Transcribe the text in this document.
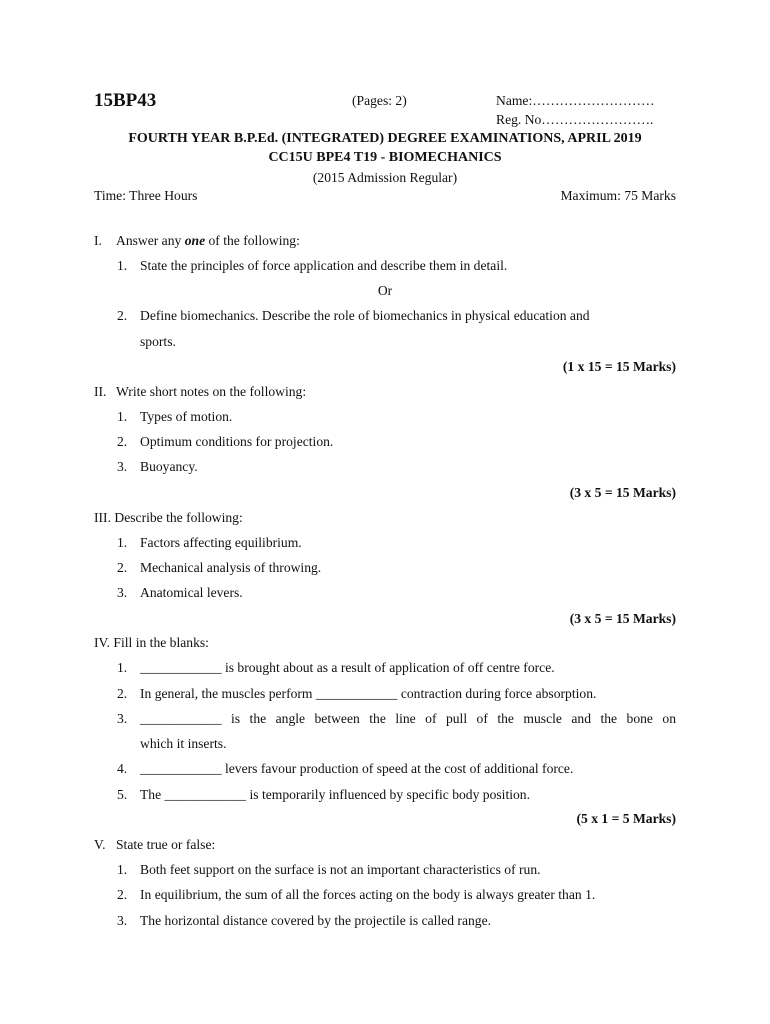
15BP43	(Pages: 2)	Name:………………………
Reg. No…………………….
FOURTH YEAR B.P.Ed. (INTEGRATED) DEGREE EXAMINATIONS, APRIL 2019
CC15U BPE4 T19 - BIOMECHANICS
(2015 Admission Regular)
Time: Three Hours	Maximum: 75 Marks
I. Answer any one of the following:
1. State the principles of force application and describe them in detail.
Or
2. Define biomechanics. Describe the role of biomechanics in physical education and
sports.
(1 x 15 = 15 Marks)
II. Write short notes on the following:
1. Types of motion.
2. Optimum conditions for projection.
3. Buoyancy.
(3 x 5 = 15 Marks)
III. Describe the following:
1. Factors affecting equilibrium.
2. Mechanical analysis of throwing.
3. Anatomical levers.
(3 x 5 = 15 Marks)
IV. Fill in the blanks:
1. ____________ is brought about as a result of application of off centre force.
2. In general, the muscles perform ____________ contraction during force absorption.
3. ____________ is the angle between the line of pull of the muscle and the bone on
which it inserts.
4. ____________ levers favour production of speed at the cost of additional force.
5. The ____________ is temporarily influenced by specific body position.
(5 x 1 = 5 Marks)
V. State true or false:
1. Both feet support on the surface is not an important characteristics of run.
2. In equilibrium, the sum of all the forces acting on the body is always greater than 1.
3. The horizontal distance covered by the projectile is called range.
